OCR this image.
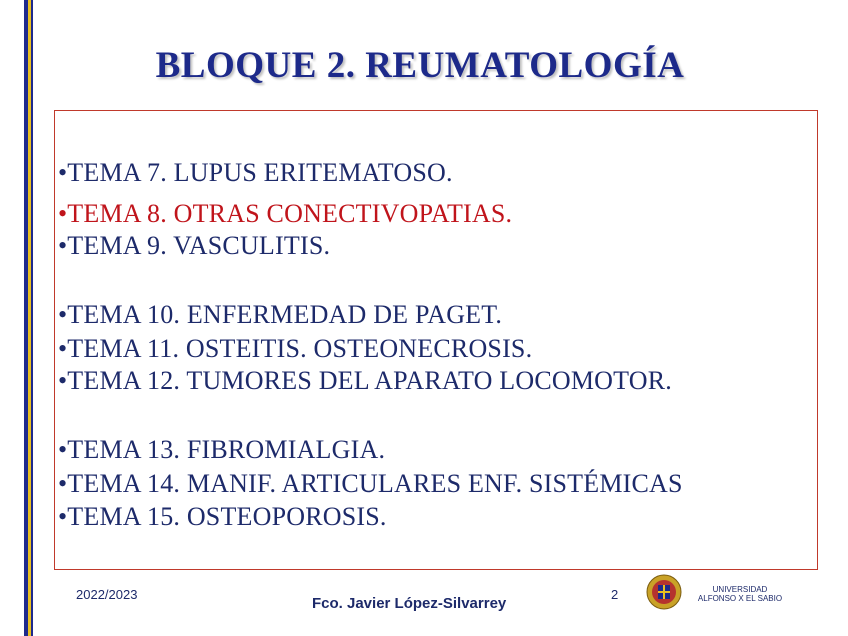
BLOQUE 2. REUMATOLOGÍA
•TEMA 7. LUPUS ERITEMATOSO.
•TEMA 8. OTRAS CONECTIVOPATIAS.
•TEMA 9. VASCULITIS.
•TEMA 10. ENFERMEDAD DE PAGET.
•TEMA 11. OSTEITIS. OSTEONECROSIS.
•TEMA 12. TUMORES DEL APARATO LOCOMOTOR.
•TEMA 13. FIBROMIALGIA.
•TEMA 14. MANIF. ARTICULARES ENF. SISTÉMICAS
•TEMA 15. OSTEOPOROSIS.
2022/2023
Fco. Javier López-Silvarrey
2	UNIVERSIDAD
ALFONSO X EL SABIO
